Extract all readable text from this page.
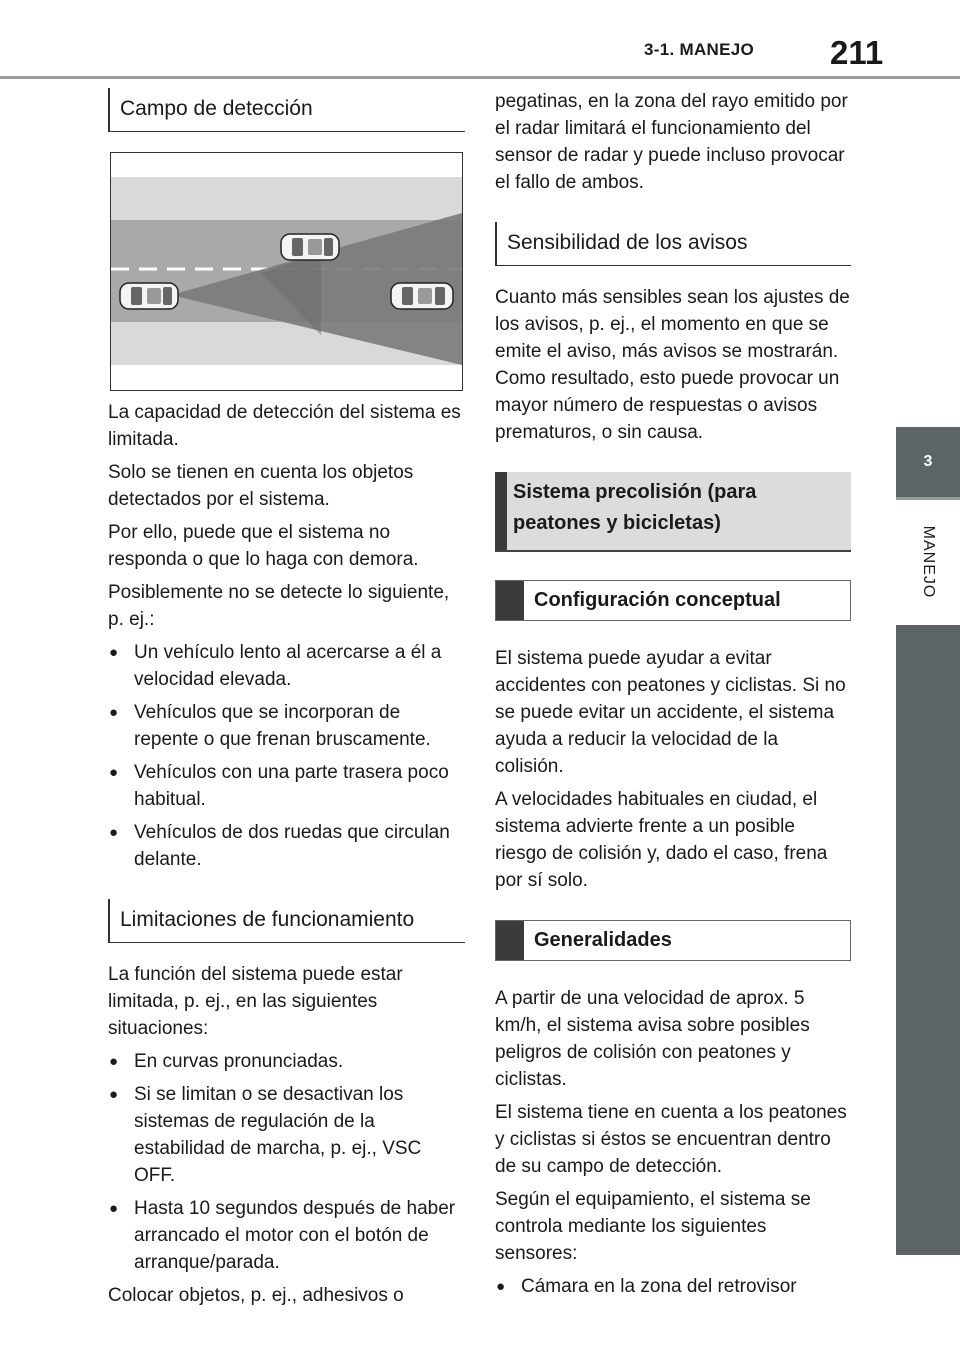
3-1. MANEJO 211
3
MANEJO
Campo de detección

La capacidad de detección del sistema es limitada.

Solo se tienen en cuenta los objetos detectados por el sistema.

Por ello, puede que el sistema no responda o que lo haga con demora.

Posiblemente no se detecte lo siguiente, p. ej.:

● Un vehículo lento al acercarse a él a velocidad elevada.
● Vehículos que se incorporan de repente o que frenan bruscamente.
● Vehículos con una parte trasera poco habitual.
● Vehículos de dos ruedas que circulan delante.
Limitaciones de funcionamiento

La función del sistema puede estar limitada, p. ej., en las siguientes situaciones:

● En curvas pronunciadas.
● Si se limitan o se desactivan los sistemas de regulación de la estabilidad de marcha, p. ej., VSC OFF.
● Hasta 10 segundos después de haber arrancado el motor con el botón de arranque/parada.

Colocar objetos, p. ej., adhesivos o

pegatinas, en la zona del rayo emitido por el radar limitará el funcionamiento del sensor de radar y puede incluso provocar el fallo de ambos.

Sensibilidad de los avisos

Cuanto más sensibles sean los ajustes de los avisos, p. ej., el momento en que se emite el aviso, más avisos se mostrarán. Como resultado, esto puede provocar un mayor número de respuestas o avisos prematuros, o sin causa.

Sistema precolisión (para peatones y bicicletas)
Configuración conceptual

El sistema puede ayudar a evitar accidentes con peatones y ciclistas. Si no se puede evitar un accidente, el sistema ayuda a reducir la velocidad de la colisión.

A velocidades habituales en ciudad, el sistema advierte frente a un posible riesgo de colisión y, dado el caso, frena por sí solo.

Generalidades

A partir de una velocidad de aprox. 5 km/h, el sistema avisa sobre posibles peligros de colisión con peatones y ciclistas.

El sistema tiene en cuenta a los peatones y ciclistas si éstos se encuentran dentro de su campo de detección.

Según el equipamiento, el sistema se controla mediante los siguientes sensores:

● Cámara en la zona del retrovisor
